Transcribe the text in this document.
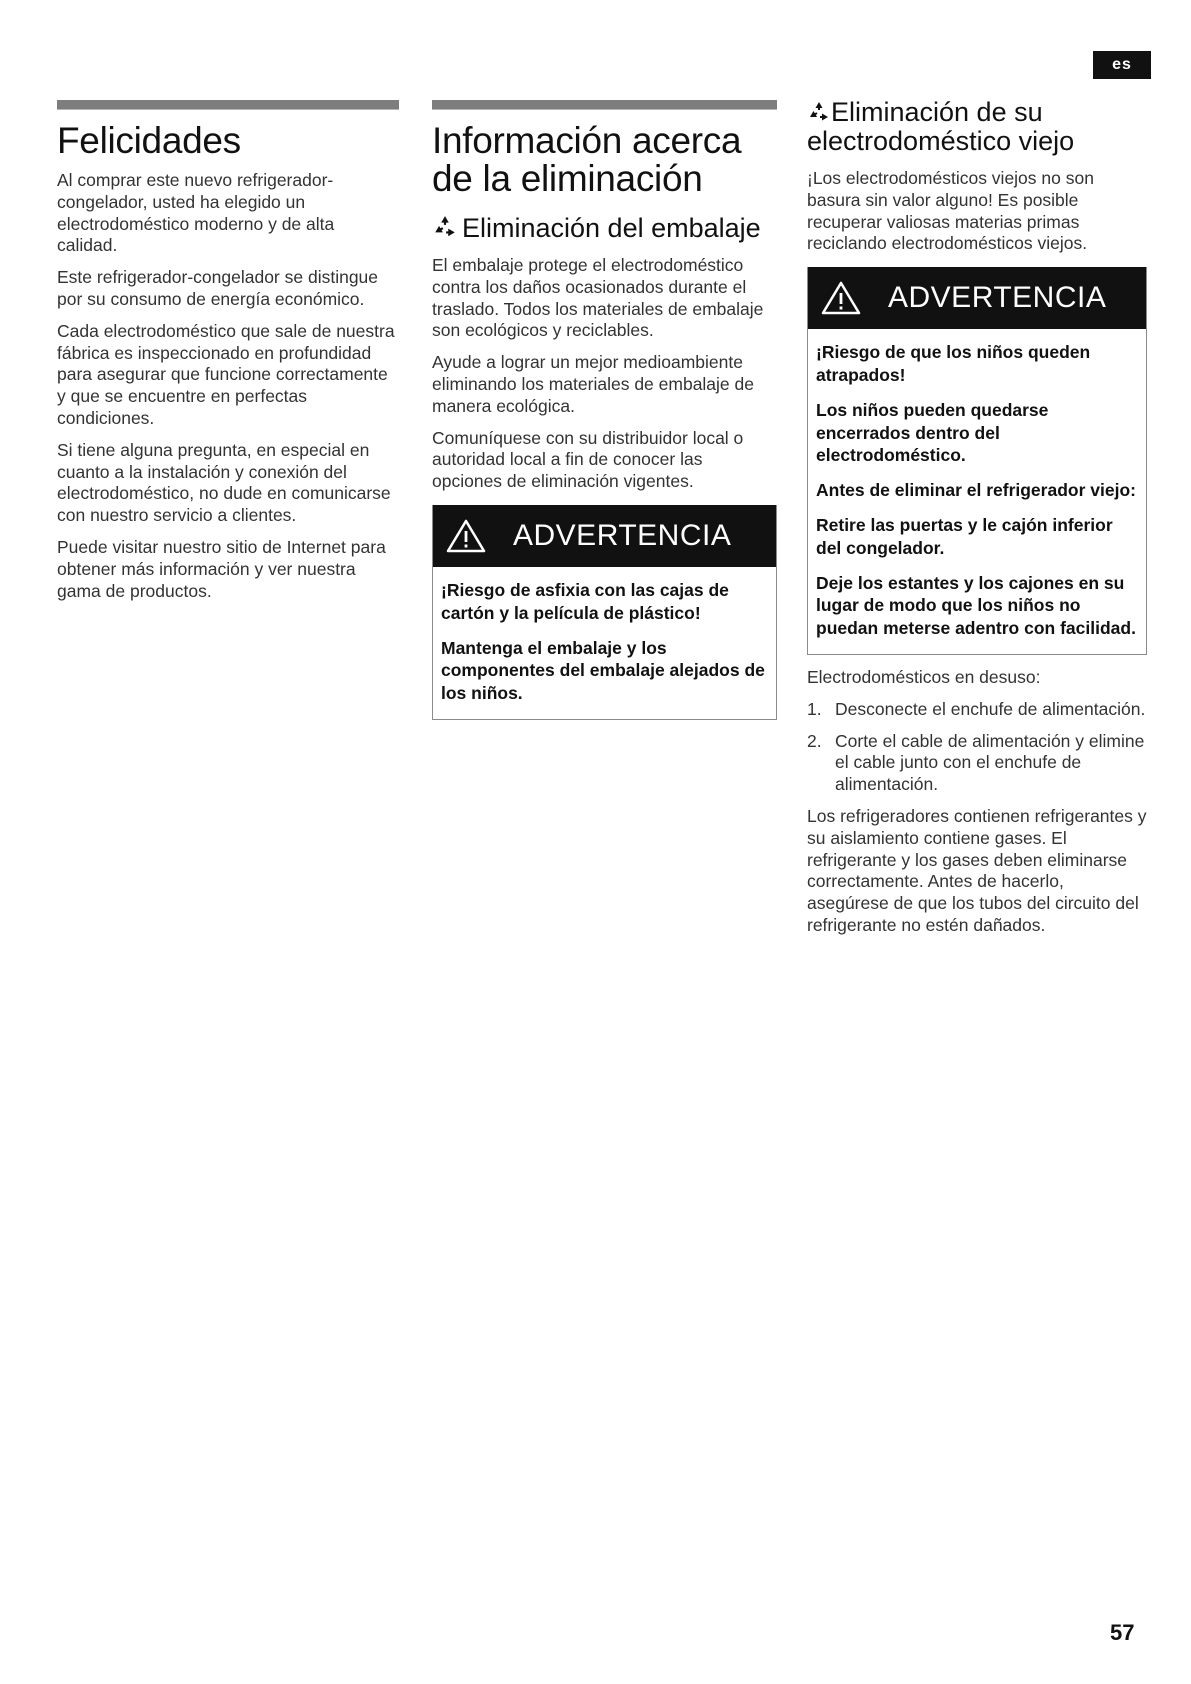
es
Felicidades

Al comprar este nuevo refrigerador-congelador, usted ha elegido un electrodoméstico moderno y de alta calidad.

Este refrigerador-congelador se distingue por su consumo de energía económico.

Cada electrodoméstico que sale de nuestra fábrica es inspeccionado en profundidad para asegurar que funcione correctamente y que se encuentre en perfectas condiciones.

Si tiene alguna pregunta, en especial en cuanto a la instalación y conexión del electrodoméstico, no dude en comunicarse con nuestro servicio a clientes.

Puede visitar nuestro sitio de Internet para obtener más información y ver nuestra gama de productos.

Información acerca de la eliminación
Eliminación del embalaje

El embalaje protege el electrodoméstico contra los daños ocasionados durante el traslado. Todos los materiales de embalaje son ecológicos y reciclables.

Ayude a lograr un mejor medioambiente eliminando los materiales de embalaje de manera ecológica.

Comuníquese con su distribuidor local o autoridad local a fin de conocer las opciones de eliminación vigentes.

ADVERTENCIA

¡Riesgo de asfixia con las cajas de cartón y la película de plástico!

Mantenga el embalaje y los componentes del embalaje alejados de los niños.

Eliminación de su electrodoméstico viejo

¡Los electrodomésticos viejos no son basura sin valor alguno! Es posible recuperar valiosas materias primas reciclando electrodomésticos viejos.

ADVERTENCIA

¡Riesgo de que los niños queden atrapados!

Los niños pueden quedarse encerrados dentro del electrodoméstico.

Antes de eliminar el refrigerador viejo:

Retire las puertas y le cajón inferior del congelador.

Deje los estantes y los cajones en su lugar de modo que los niños no puedan meterse adentro con facilidad.

Electrodomésticos en desuso:

1. Desconecte el enchufe de alimentación.
2. Corte el cable de alimentación y elimine el cable junto con el enchufe de alimentación.

Los refrigeradores contienen refrigerantes y su aislamiento contiene gases. El refrigerante y los gases deben eliminarse correctamente. Antes de hacerlo, asegúrese de que los tubos del circuito del refrigerante no estén dañados.

57
